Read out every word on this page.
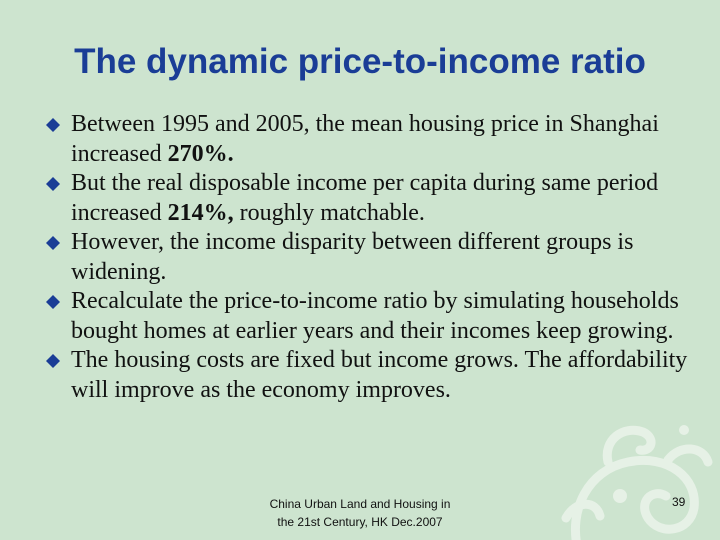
The dynamic price-to-income ratio
Between 1995 and 2005, the mean housing price in Shanghai increased 270%.
But the real disposable income per capita during same period increased 214%, roughly matchable.
However, the income disparity between different groups is widening.
Recalculate the price-to-income ratio by simulating households bought homes at earlier years and their incomes keep growing.
The housing costs are fixed but income grows. The affordability will improve as the economy improves.
China Urban Land and Housing in
the 21st Century, HK Dec.2007
39
